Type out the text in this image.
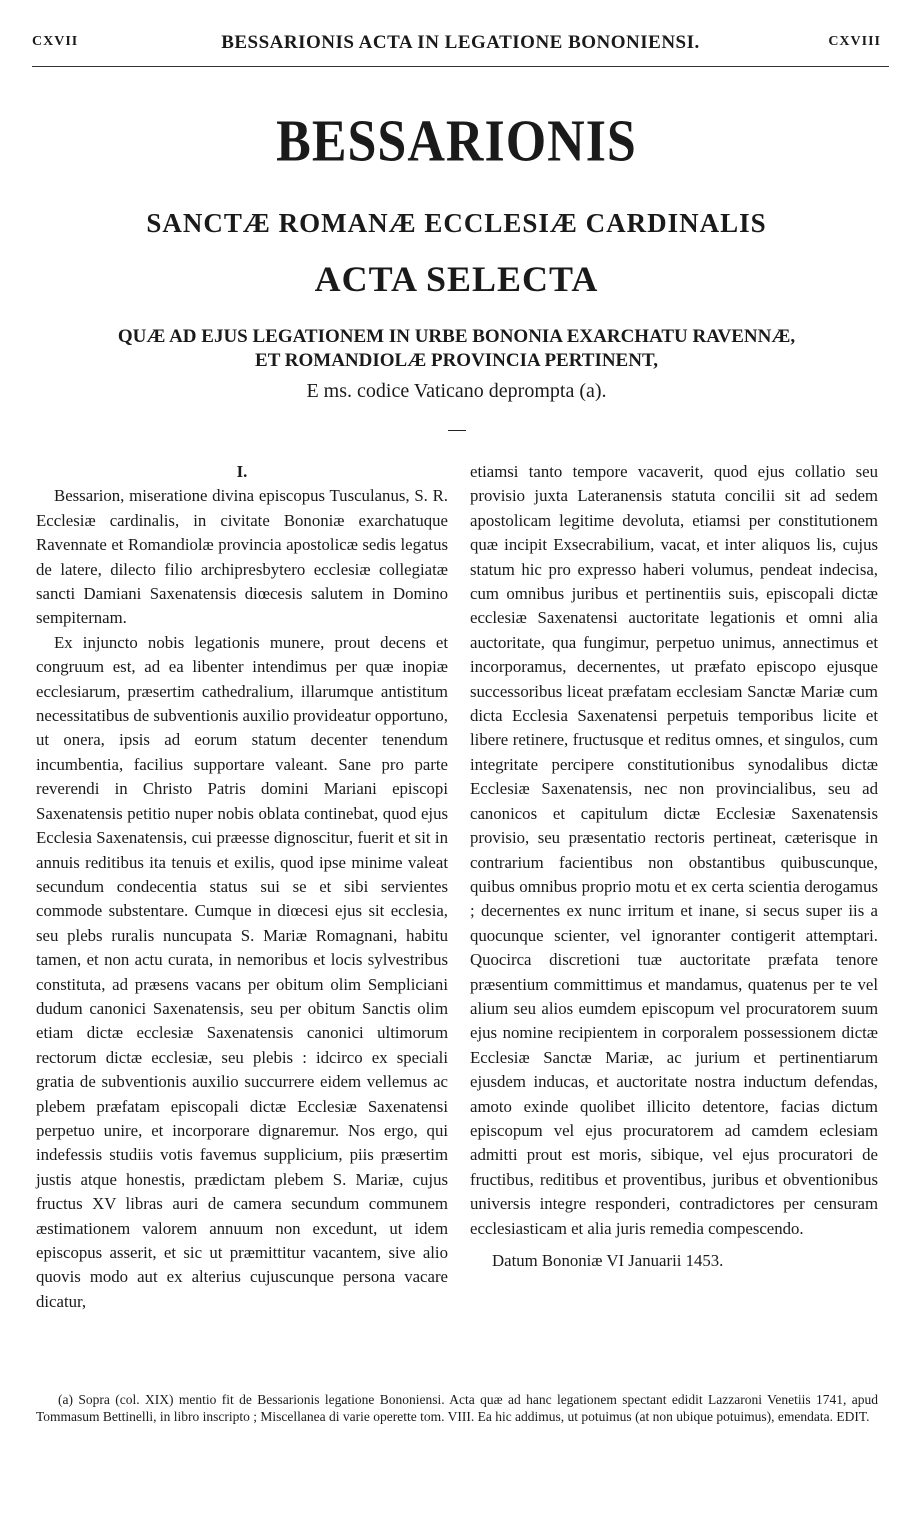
CXVII	BESSARIONIS ACTA IN LEGATIONE BONONIENSI.	CXVIII
BESSARIONIS
SANCTÆ ROMANÆ ECCLESIÆ CARDINALIS
ACTA SELECTA
QUÆ AD EJUS LEGATIONEM IN URBE BONONIA EXARCHATU RAVENNÆ,
ET ROMANDIOLÆ PROVINCIA PERTINENT,
E ms. codice Vaticano deprompta (a).

I.

Bessarion, miseratione divina episcopus Tusculanus, S. R. Ecclesiæ cardinalis, in civitate Bononiæ exarchatuque Ravennate et Romandiolæ provincia apostolicæ sedis legatus de latere, dilecto filio archipresbytero ecclesiæ collegiatæ sancti Damiani Saxenatensis diœcesis salutem in Domino sempiternam.

Ex injuncto nobis legationis munere, prout decens et congruum est, ad ea libenter intendimus per quæ inopiæ ecclesiarum, præsertim cathedralium, illarumque antistitum necessitatibus de subventionis auxilio provideatur opportuno, ut onera, ipsis ad eorum statum decenter tenendum incumbentia, facilius supportare valeant. Sane pro parte reverendi in Christo Patris domini Mariani episcopi Saxenatensis petitio nuper nobis oblata continebat, quod ejus Ecclesia Saxenatensis, cui præesse dignoscitur, fuerit et sit in annuis reditibus ita tenuis et exilis, quod ipse minime valeat secundum condecentia status sui se et sibi servientes commode substentare. Cumque in diœcesi ejus sit ecclesia, seu plebs ruralis nuncupata S. Mariæ Romagnani, habitu tamen, et non actu curata, in nemoribus et locis sylvestribus constituta, ad præsens vacans per obitum olim Sempliciani dudum canonici Saxenatensis, seu per obitum Sanctis olim etiam dictæ ecclesiæ Saxenatensis canonici ultimorum rectorum dictæ ecclesiæ, seu plebis : idcirco ex speciali gratia de subventionis auxilio succurrere eidem vellemus ac plebem præfatam episcopali dictæ Ecclesiæ Saxenatensi perpetuo unire, et incorporare dignaremur. Nos ergo, qui indefessis studiis votis favemus supplicium, piis præsertim justis atque honestis, prædictam plebem S. Mariæ, cujus fructus XV libras auri de camera secundum communem æstimationem valorem annuum non excedunt, ut idem episcopus asserit, et sic ut præmittitur vacantem, sive alio quovis modo aut ex alterius cujuscunque persona vacare dicatur,

etiamsi tanto tempore vacaverit, quod ejus collatio seu provisio juxta Lateranensis statuta concilii sit ad sedem apostolicam legitime devoluta, etiamsi per constitutionem quæ incipit Exsecrabilium, vacat, et inter aliquos lis, cujus statum hic pro expresso haberi volumus, pendeat indecisa, cum omnibus juribus et pertinentiis suis, episcopali dictæ ecclesiæ Saxenatensi auctoritate legationis et omni alia auctoritate, qua fungimur, perpetuo unimus, annectimus et incorporamus, decernentes, ut præfato episcopo ejusque successoribus liceat præfatam ecclesiam Sanctæ Mariæ cum dicta Ecclesia Saxenatensi perpetuis temporibus licite et libere retinere, fructusque et reditus omnes, et singulos, cum integritate percipere constitutionibus synodalibus dictæ Ecclesiæ Saxenatensis, nec non provincialibus, seu ad canonicos et capitulum dictæ Ecclesiæ Saxenatensis provisio, seu præsentatio rectoris pertineat, cæterisque in contrarium facientibus non obstantibus quibuscunque, quibus omnibus proprio motu et ex certa scientia derogamus ; decernentes ex nunc irritum et inane, si secus super iis a quocunque scienter, vel ignoranter contigerit attemptari. Quocirca discretioni tuæ auctoritate præfata tenore præsentium committimus et mandamus, quatenus per te vel alium seu alios eumdem episcopum vel procuratorem suum ejus nomine recipientem in corporalem possessionem dictæ Ecclesiæ Sanctæ Mariæ, ac jurium et pertinentiarum ejusdem inducas, et auctoritate nostra inductum defendas, amoto exinde quolibet illicito detentore, facias dictum episcopum vel ejus procuratorem ad camdem eclesiam admitti prout est moris, sibique, vel ejus procuratori de fructibus, reditibus et proventibus, juribus et obventionibus universis integre responderi, contradictores per censuram ecclesiasticam et alia juris remedia compescendo.

Datum Bononiæ VI Januarii 1453.

(a) Sopra (col. XIX) mentio fit de Bessarionis legatione Bononiensi. Acta quæ ad hanc legationem spectant edidit Lazzaroni Venetiis 1741, apud Tommasum Bettinelli, in libro inscripto ; Miscellanea di varie operette tom. VIII. Ea hic addimus, ut potuimus (at non ubique potuimus), emendata. EDIT.
